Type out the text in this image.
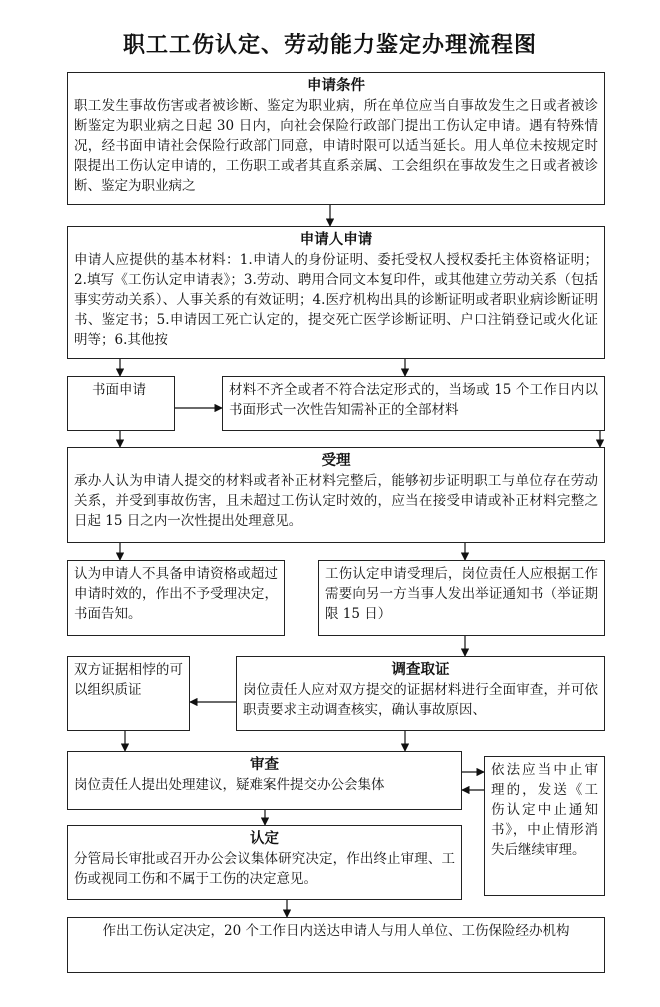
职工工伤认定、劳动能力鉴定办理流程图
申请条件
职工发生事故伤害或者被诊断、鉴定为职业病，所在单位应当自事故发生之日或者被诊断鉴定为职业病之日起 30 日内，向社会保险行政部门提出工伤认定申请。遇有特殊情况，经书面申请社会保险行政部门同意，申请时限可以适当延长。用人单位未按规定时限提出工伤认定申请的，工伤职工或者其直系亲属、工会组织在事故发生之日或者被诊断、鉴定为职业病之
申请人申请
申请人应提供的基本材料：1.申请人的身份证明、委托受权人授权委托主体资格证明；2.填写《工伤认定申请表》；3.劳动、聘用合同文本复印件，或其他建立劳动关系（包括事实劳动关系）、人事关系的有效证明；4.医疗机构出具的诊断证明或者职业病诊断证明书、鉴定书；5.申请因工死亡认定的，提交死亡医学诊断证明、户口注销登记或火化证明等；6.其他按
书面申请	材料不齐全或者不符合法定形式的，当场或 15 个工作日内以书面形式一次性告知需补正的全部材料
受理
承办人认为申请人提交的材料或者补正材料完整后，能够初步证明职工与单位存在劳动关系，并受到事故伤害，且未超过工伤认定时效的，应当在接受申请或补正材料完整之日起 15 日之内一次性提出处理意见。
认为申请人不具备申请资格或超过申请时效的，作出不予受理决定，书面告知。
工伤认定申请受理后，岗位责任人应根据工作需要向另一方当事人发出举证通知书（举证期限 15 日）
双方证据相悖的可以组织质证
调查取证
岗位责任人应对双方提交的证据材料进行全面审查，并可依职责要求主动调查核实，确认事故原因、
审查
岗位责任人提出处理建议，疑难案件提交办公会集体
依法应当中止审理的，发送《工伤认定中止通知书》，中止情形消失后继续审理。
认定
分管局长审批或召开办公会议集体研究决定，作出终止审理、工伤或视同工伤和不属于工伤的决定意见。
作出工伤认定决定，20 个工作日内送达申请人与用人单位、工伤保险经办机构
